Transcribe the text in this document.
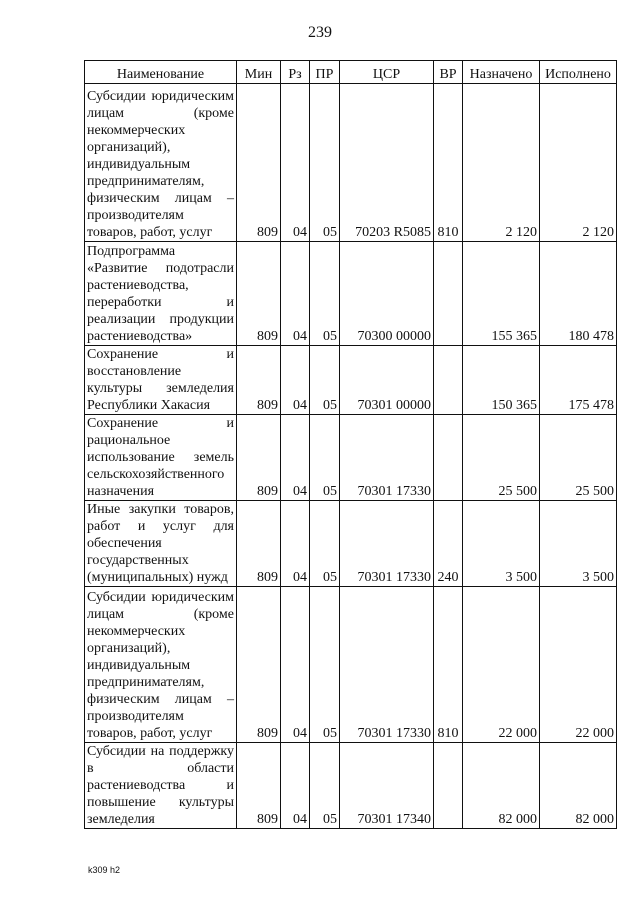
239
Наименование	Мин	Рз	ПР	ЦСР	ВР	Назначено	Исполнено
Субсидии юридическим лицам (кроме некоммерческих организаций), индивидуальным предпринимателям, физическим лицам – производителям товаров, работ, услуг	809	04	05	70203 R5085	810	2 120	2 120
Подпрограмма «Развитие подотрасли растениеводства, переработки и реализации продукции растениеводства»	809	04	05	70300 00000		155 365	180 478
Сохранение и восстановление культуры земледелия Республики Хакасия	809	04	05	70301 00000		150 365	175 478
Сохранение и рациональное использование земель сельскохозяйственного назначения	809	04	05	70301 17330		25 500	25 500
Иные закупки товаров, работ и услуг для обеспечения государственных (муниципальных) нужд	809	04	05	70301 17330	240	3 500	3 500
Субсидии юридическим лицам (кроме некоммерческих организаций), индивидуальным предпринимателям, физическим лицам – производителям товаров, работ, услуг	809	04	05	70301 17330	810	22 000	22 000
Субсидии на поддержку в области растениеводства и повышение культуры земледелия	809	04	05	70301 17340		82 000	82 000
k309 h2
